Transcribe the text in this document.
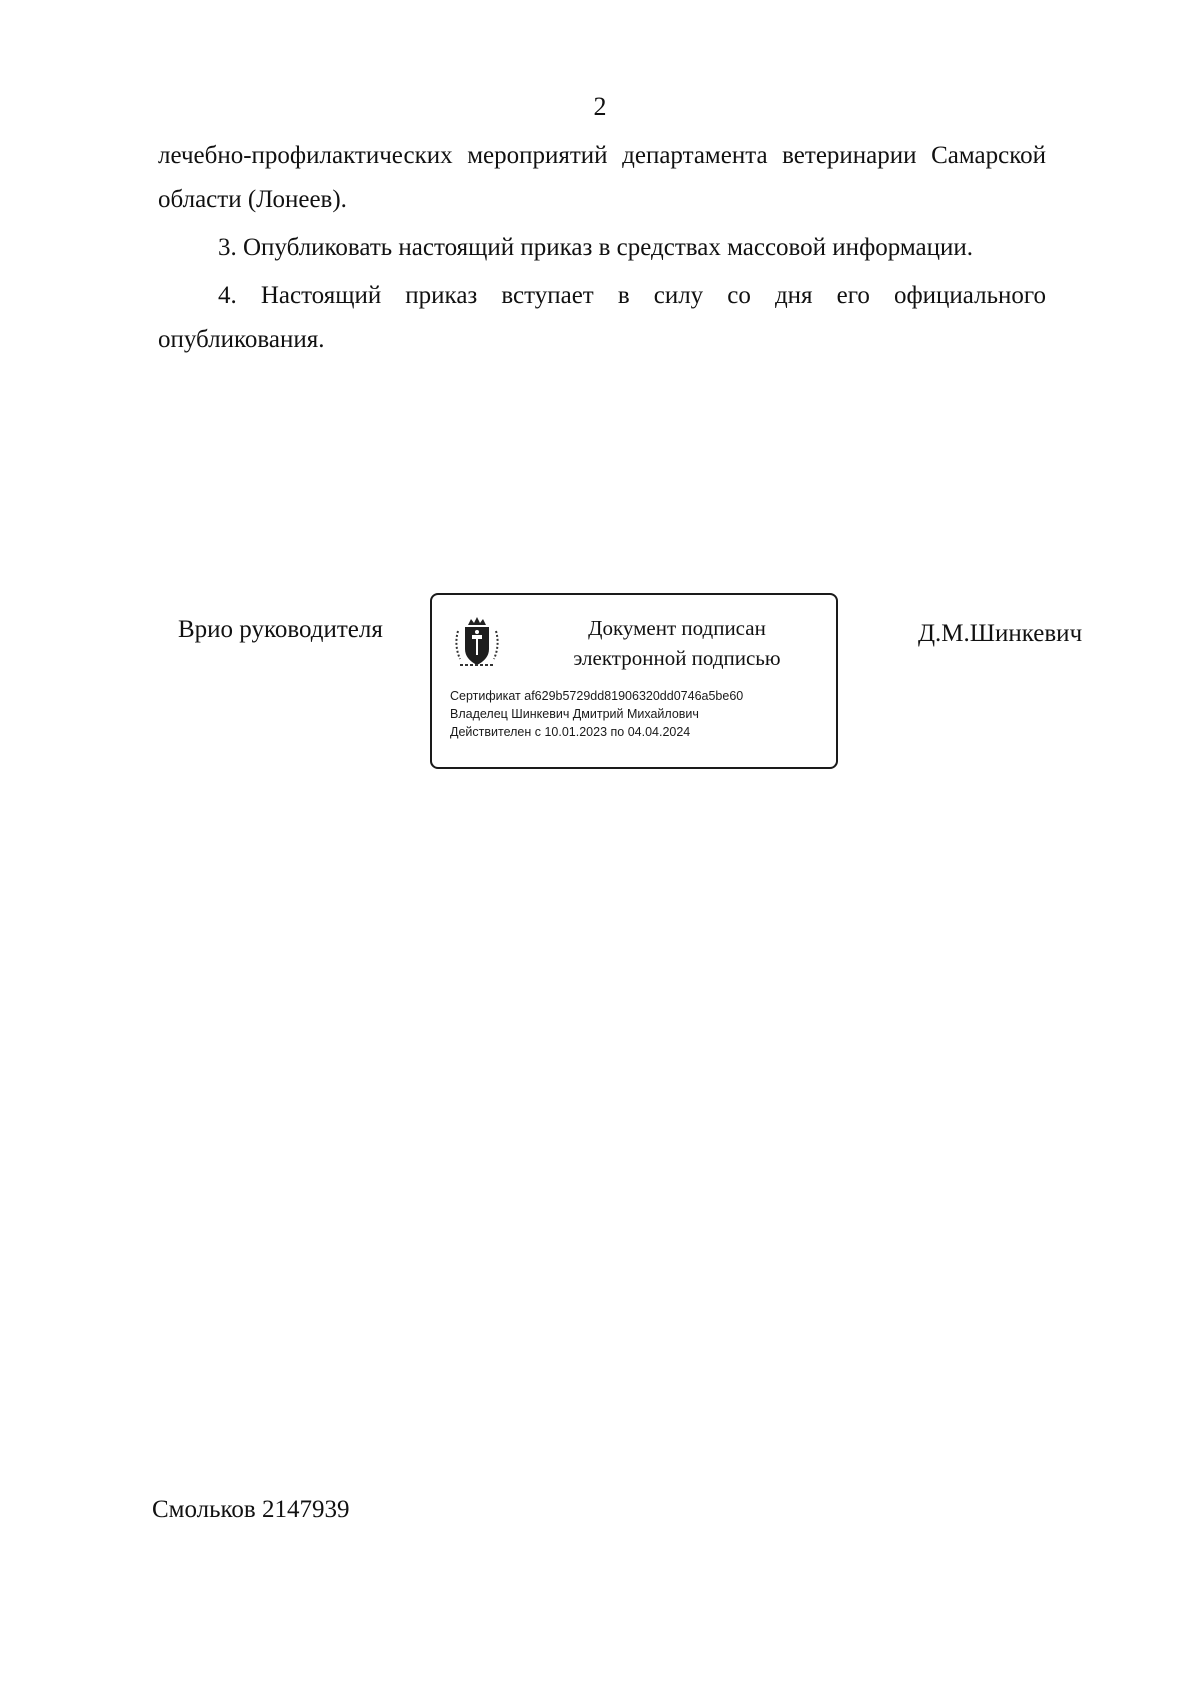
2

лечебно-профилактических мероприятий департамента ветеринарии Самарской области (Лонеев).

3. Опубликовать настоящий приказ в средствах массовой информации.

4. Настоящий приказ вступает в силу со дня его официального опубликования.

Врио руководителя	Документ подписан
электронной подписью
Сертификат af629b5729dd81906320dd0746a5be60
Владелец Шинкевич Дмитрий Михайлович
Действителен с 10.01.2023 по 04.04.2024
Д.М.Шинкевич
Смольков 2147939
